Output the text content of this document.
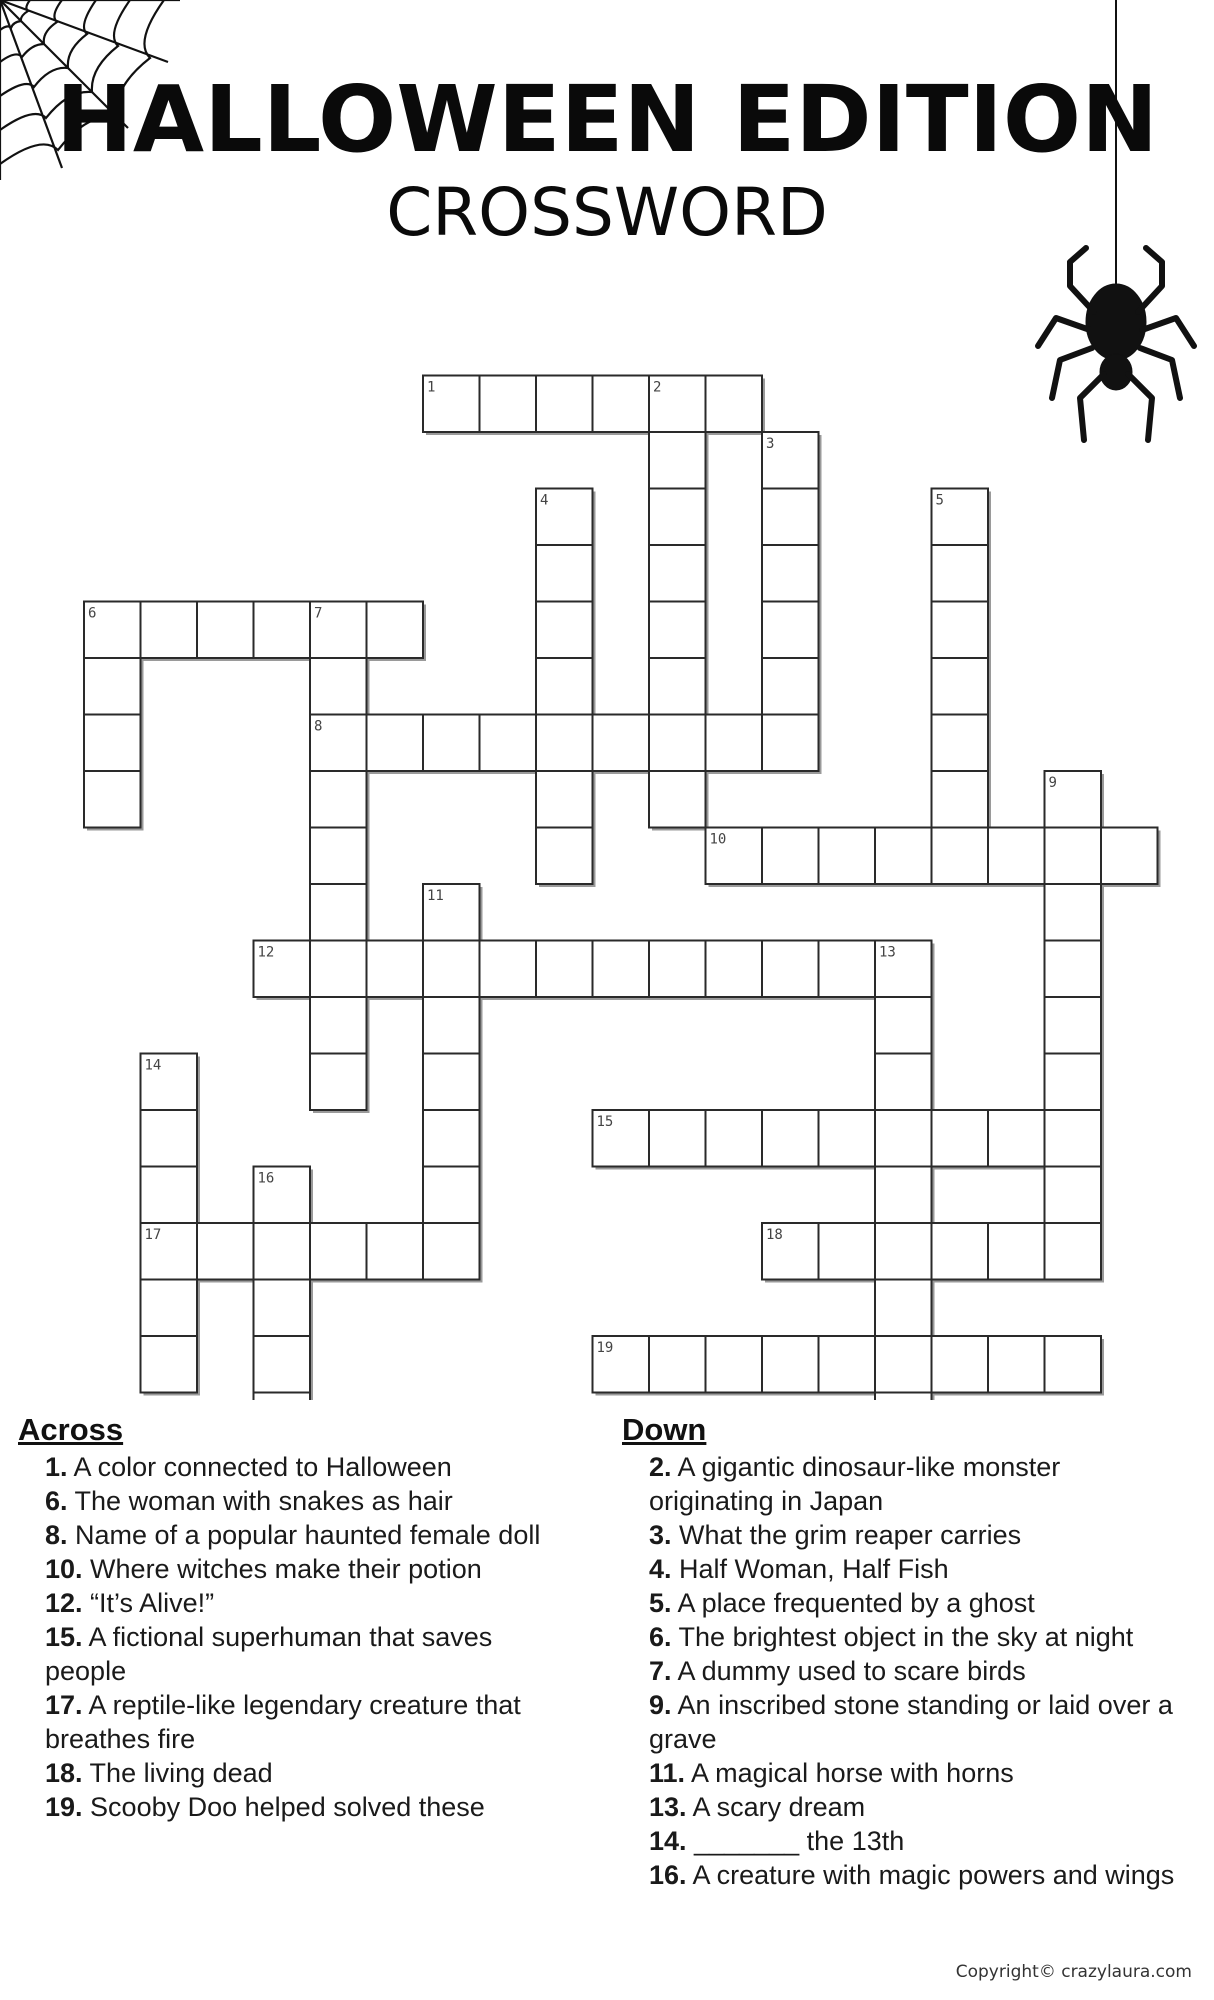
HALLOWEEN EDITION
CROSSWORD
1	2
3
4	5
6	7
8
9
10
11
12	13
14
15
16
17	18
19
Across

1. A color connected to Halloween

6. The woman with snakes as hair

8. Name of a popular haunted female doll

10. Where witches make their potion

12. “It’s Alive!”

15. A fictional superhuman that saves people

17. A reptile-like legendary creature that breathes fire

18. The living dead

19. Scooby Doo helped solved these

Down

2. A gigantic dinosaur-like monster originating in Japan

3. What the grim reaper carries

4. Half Woman, Half Fish

5. A place frequented by a ghost

6. The brightest object in the sky at night

7. A dummy used to scare birds

9. An inscribed stone standing or laid over a grave

11. A magical horse with horns

13. A scary dream

14. _______ the 13th

16. A creature with magic powers and wings

Copyright© crazylaura.com
